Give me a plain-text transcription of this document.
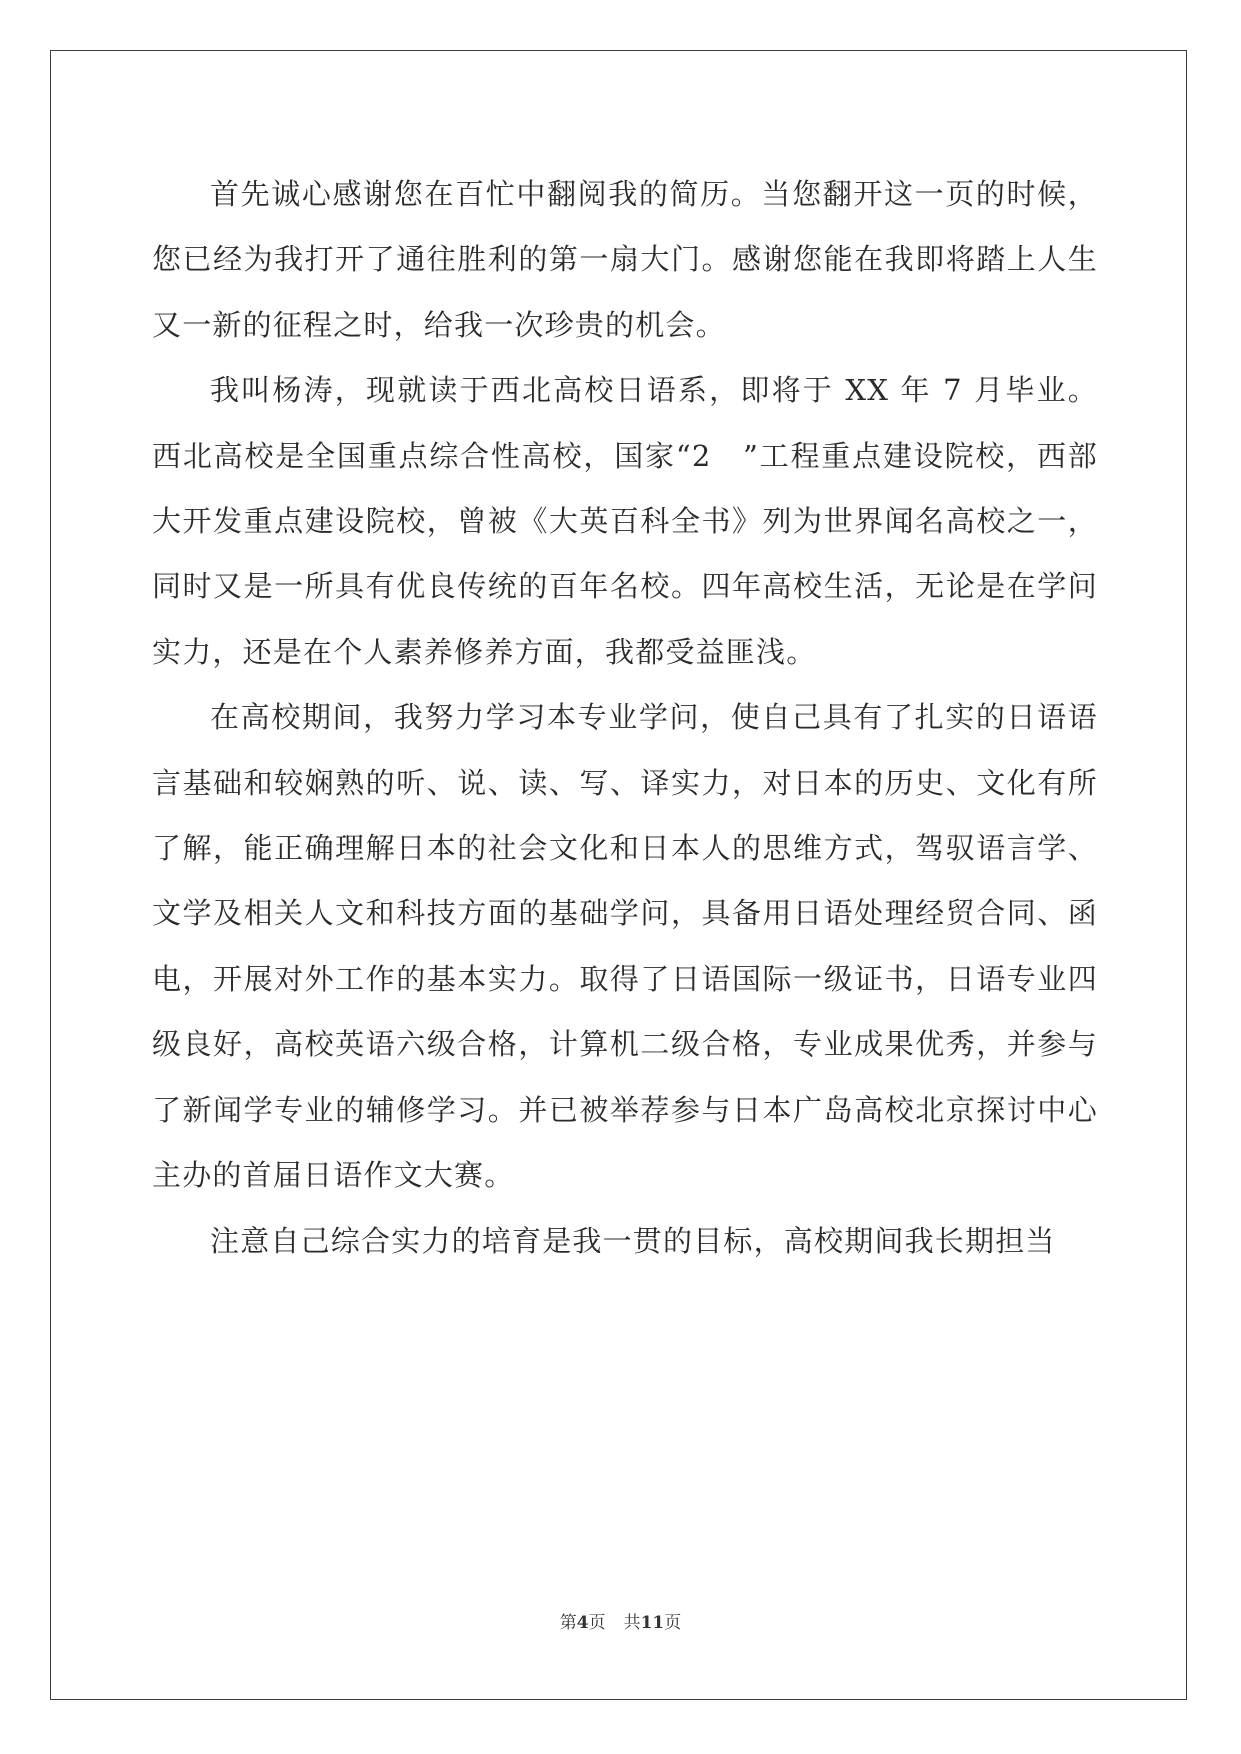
首先诚心感谢您在百忙中翻阅我的简历。当您翻开这一页的时候，您已经为我打开了通往胜利的第一扇大门。感谢您能在我即将踏上人生又一新的征程之时，给我一次珍贵的机会。

我叫杨涛，现就读于西北高校日语系，即将于 XX 年 7 月毕业。西北高校是全国重点综合性高校，国家“2　”工程重点建设院校，西部大开发重点建设院校，曾被《大英百科全书》列为世界闻名高校之一，同时又是一所具有优良传统的百年名校。四年高校生活，无论是在学问实力，还是在个人素养修养方面，我都受益匪浅。

在高校期间，我努力学习本专业学问，使自己具有了扎实的日语语言基础和较娴熟的听、说、读、写、译实力，对日本的历史、文化有所了解，能正确理解日本的社会文化和日本人的思维方式，驾驭语言学、文学及相关人文和科技方面的基础学问，具备用日语处理经贸合同、函电，开展对外工作的基本实力。取得了日语国际一级证书，日语专业四级良好，高校英语六级合格，计算机二级合格，专业成果优秀，并参与了新闻学专业的辅修学习。并已被举荐参与日本广岛高校北京探讨中心主办的首届日语作文大赛。

注意自己综合实力的培育是我一贯的目标，高校期间我长期担当

第4页 共11页
